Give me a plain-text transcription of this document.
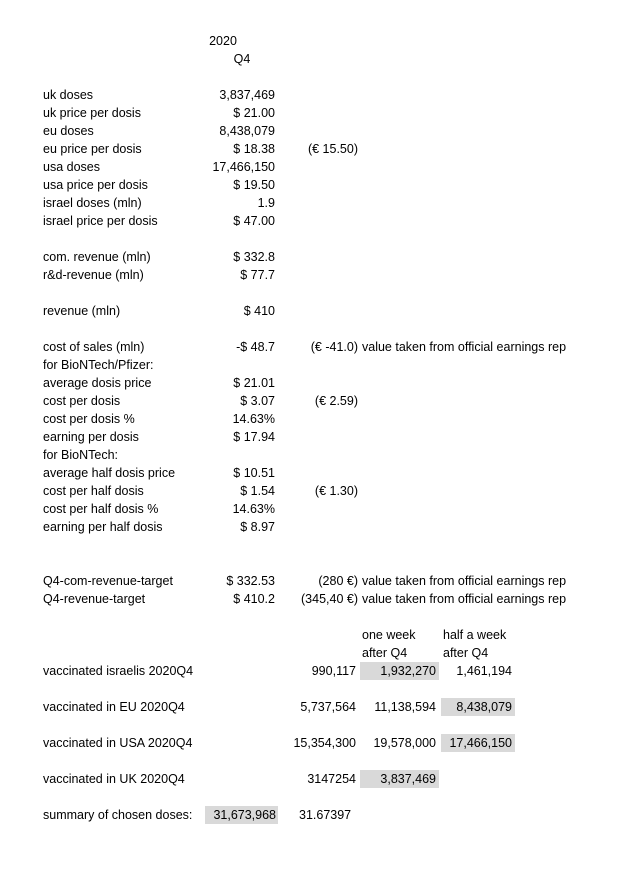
2020
Q4
uk doses	3,837,469
uk price per dosis	$ 21.00
eu doses	8,438,079
eu price per dosis	$ 18.38	(€ 15.50)
usa doses	17,466,150
usa price per dosis	$ 19.50
israel doses (mln)	1.9
israel price per dosis	$ 47.00
com. revenue (mln)	$ 332.8
r&d-revenue (mln)	$ 77.7
revenue (mln)	$ 410
cost of sales (mln)	-$ 48.7	(€ -41.0) value taken from official earnings rep
for BioNTech/Pfizer:
average dosis price	$ 21.01
cost per dosis	$ 3.07	(€ 2.59)
cost per dosis %	14.63%
earning per dosis	$ 17.94
for BioNTech:
average half dosis price	$ 10.51
cost per half dosis	$ 1.54	(€ 1.30)
cost per half dosis %	14.63%
earning per half dosis	$ 8.97
Q4-com-revenue-target	$ 332.53	(280 €) value taken from official earnings rep
Q4-revenue-target	$ 410.2	(345,40 €) value taken from official earnings rep
one week
after Q4
half a week
after Q4
vaccinated israelis 2020Q4	990,117	1,932,270	1,461,194
vaccinated in EU 2020Q4	5,737,564	11,138,594	8,438,079
vaccinated in USA 2020Q4	15,354,300	19,578,000	17,466,150
vaccinated in UK 2020Q4	3147254	3,837,469
summary of chosen doses:	31,673,968 31.67397
